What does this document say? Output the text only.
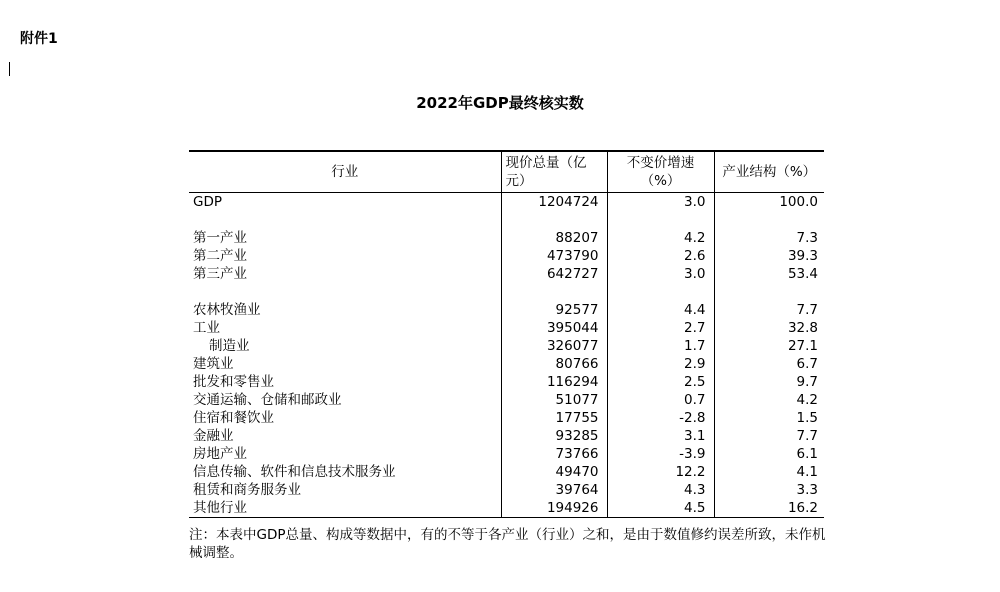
附件1
2022年GDP最终核实数
行业	现价总量（亿元）	不变价增速（%）	产业结构（%）
GDP	1204724	3.0	100.0

第一产业	88207	4.2	7.3
第二产业	473790	2.6	39.3
第三产业	642727	3.0	53.4

农林牧渔业	92577	4.4	7.7
工业	395044	2.7	32.8
制造业	326077	1.7	27.1
建筑业	80766	2.9	6.7
批发和零售业	116294	2.5	9.7
交通运输、仓储和邮政业	51077	0.7	4.2
住宿和餐饮业	17755	-2.8	1.5
金融业	93285	3.1	7.7
房地产业	73766	-3.9	6.1
信息传输、软件和信息技术服务业	49470	12.2	4.1
租赁和商务服务业	39764	4.3	3.3
其他行业	194926	4.5	16.2
注：本表中GDP总量、构成等数据中，有的不等于各产业（行业）之和，是由于数值修约误差所致，未作机械调整。
